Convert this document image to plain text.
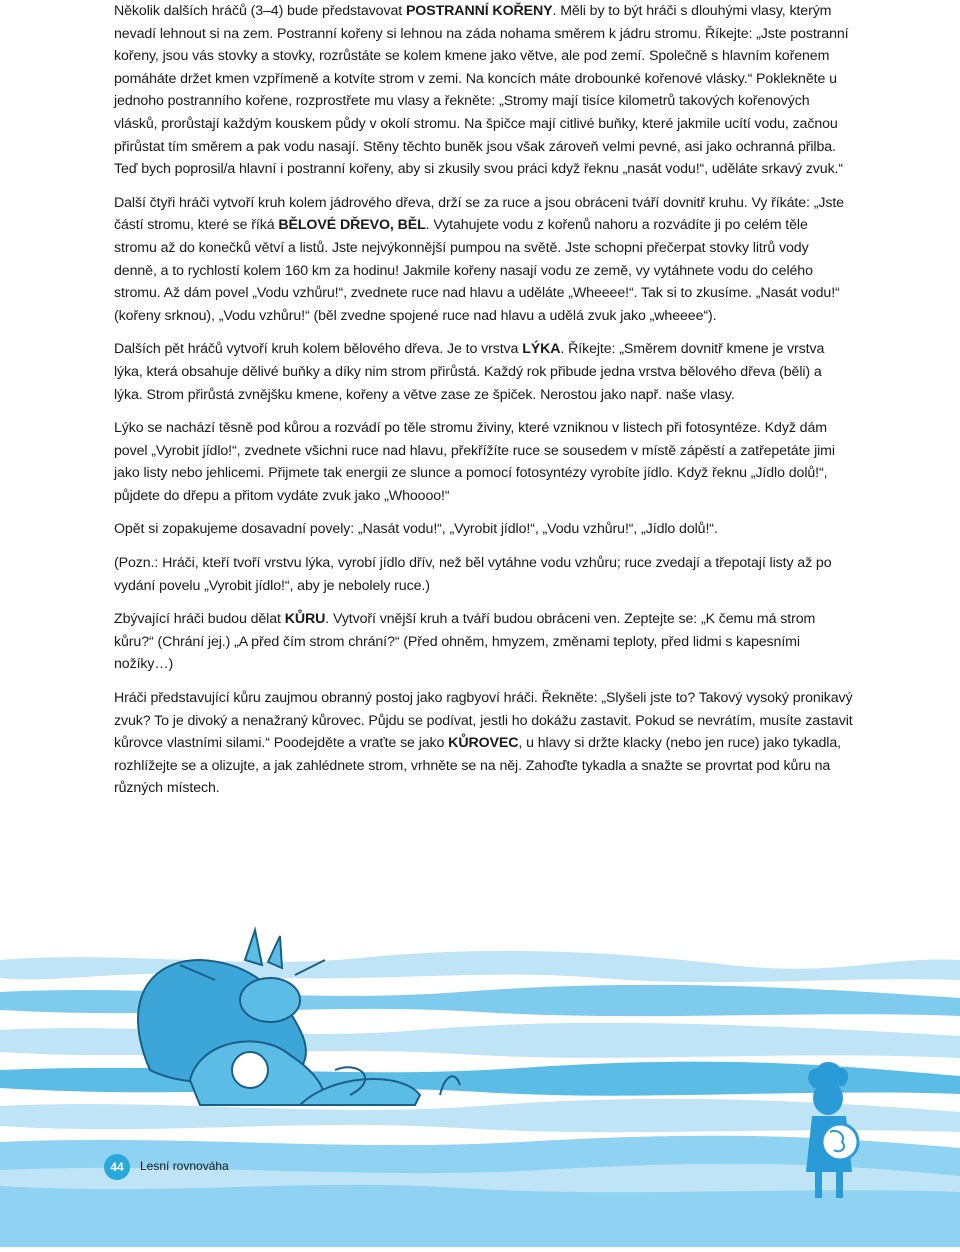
Několik dalších hráčů (3–4) bude představovat POSTRANNÍ KOŘENY. Měli by to být hráči s dlouhými vlasy, kterým nevadí lehnout si na zem. Postranní kořeny si lehnou na záda nohama směrem k jádru stromu. Říkejte: „Jste postranní kořeny, jsou vás stovky a stovky, rozrůstáte se kolem kmene jako větve, ale pod zemí. Společně s hlavním kořenem pomáháte držet kmen vzpřímeně a kotvíte strom v zemi. Na koncích máte drobounké kořenové vlásky.“ Poklekněte u jednoho postranního kořene, rozprostřete mu vlasy a řekněte: „Stromy mají tisíce kilometrů takových kořenových vlásků, prorůstají každým kouskem půdy v okolí stromu. Na špičce mají citlivé buňky, které jakmile ucítí vodu, začnou přirůstat tím směrem a pak vodu nasají. Stěny těchto buněk jsou však zároveň velmi pevné, asi jako ochranná přilba. Teď bych poprosil/a hlavní i postranní kořeny, aby si zkusily svou práci když řeknu „nasát vodu!“, uděláte srkavý zvuk.“

Další čtyři hráči vytvoří kruh kolem jádrového dřeva, drží se za ruce a jsou obráceni tváří dovnitř kruhu. Vy říkáte: „Jste částí stromu, které se říká BĚLOVÉ DŘEVO, BĚL. Vytahujete vodu z kořenů nahoru a rozvádíte ji po celém těle stromu až do konečků větví a listů. Jste nejvýkonnější pumpou na světě. Jste schopni přečerpat stovky litrů vody denně, a to rychlostí kolem 160 km za hodinu! Jakmile kořeny nasají vodu ze země, vy vytáhnete vodu do celého stromu. Až dám povel „Vodu vzhůru!“, zvednete ruce nad hlavu a uděláte „Wheeee!“. Tak si to zkusíme. „Nasát vodu!“ (kořeny srknou), „Vodu vzhůru!“ (běl zvedne spojené ruce nad hlavu a udělá zvuk jako „wheeee“).

Dalších pět hráčů vytvoří kruh kolem bělového dřeva. Je to vrstva LÝKA. Říkejte: „Směrem dovnitř kmene je vrstva lýka, která obsahuje dělivé buňky a díky nim strom přirůstá. Každý rok přibude jedna vrstva bělového dřeva (běli) a lýka. Strom přirůstá zvnějšku kmene, kořeny a větve zase ze špiček. Nerostou jako např. naše vlasy.

Lýko se nachází těsně pod kůrou a rozvádí po těle stromu živiny, které vzniknou v listech při fotosyntéze. Když dám povel „Vyrobit jídlo!“, zvednete všichni ruce nad hlavu, překřížíte ruce se sousedem v místě zápěstí a zatřepetáte jimi jako listy nebo jehlicemi. Přijmete tak energii ze slunce a pomocí fotosyntézy vyrobíte jídlo. Když řeknu „Jídlo dolů!“, půjdete do dřepu a přitom vydáte zvuk jako „Whoooo!“

Opět si zopakujeme dosavadní povely: „Nasát vodu!“, „Vyrobit jídlo!“, „Vodu vzhůru!“, „Jídlo dolů!“.

(Pozn.: Hráči, kteří tvoří vrstvu lýka, vyrobí jídlo dřív, než bĕl vytáhne vodu vzhůru; ruce zvedají a třepotají listy až po vydání povelu „Vyrobit jídlo!“, aby je nebolely ruce.)

Zbývající hráči budou dělat KŮRU. Vytvoří vnější kruh a tváří budou obráceni ven. Zeptejte se: „K čemu má strom kůru?“ (Chrání jej.) „A před čím strom chrání?“ (Před ohněm, hmyzem, změnami teploty, před lidmi s kapesními nožíky…)

Hráči představující kůru zaujmou obranný postoj jako ragbyoví hráči. Řekněte: „Slyšeli jste to? Takový vysoký pronikavý zvuk? To je divoký a nenažraný kůrovec. Půjdu se podívat, jestli ho dokážu zastavit. Pokud se nevrátím, musíte zastavit kůrovce vlastními silami.“ Poodejděte a vraťte se jako KŮROVEC, u hlavy si držte klacky (nebo jen ruce) jako tykadla, rozhlížejte se a olizujte, a jak zahlédnete strom, vrhněte se na něj. Zahoďte tykadla a snažte se provrtat pod kůru na různých místech.

44	Lesní rovnováha
